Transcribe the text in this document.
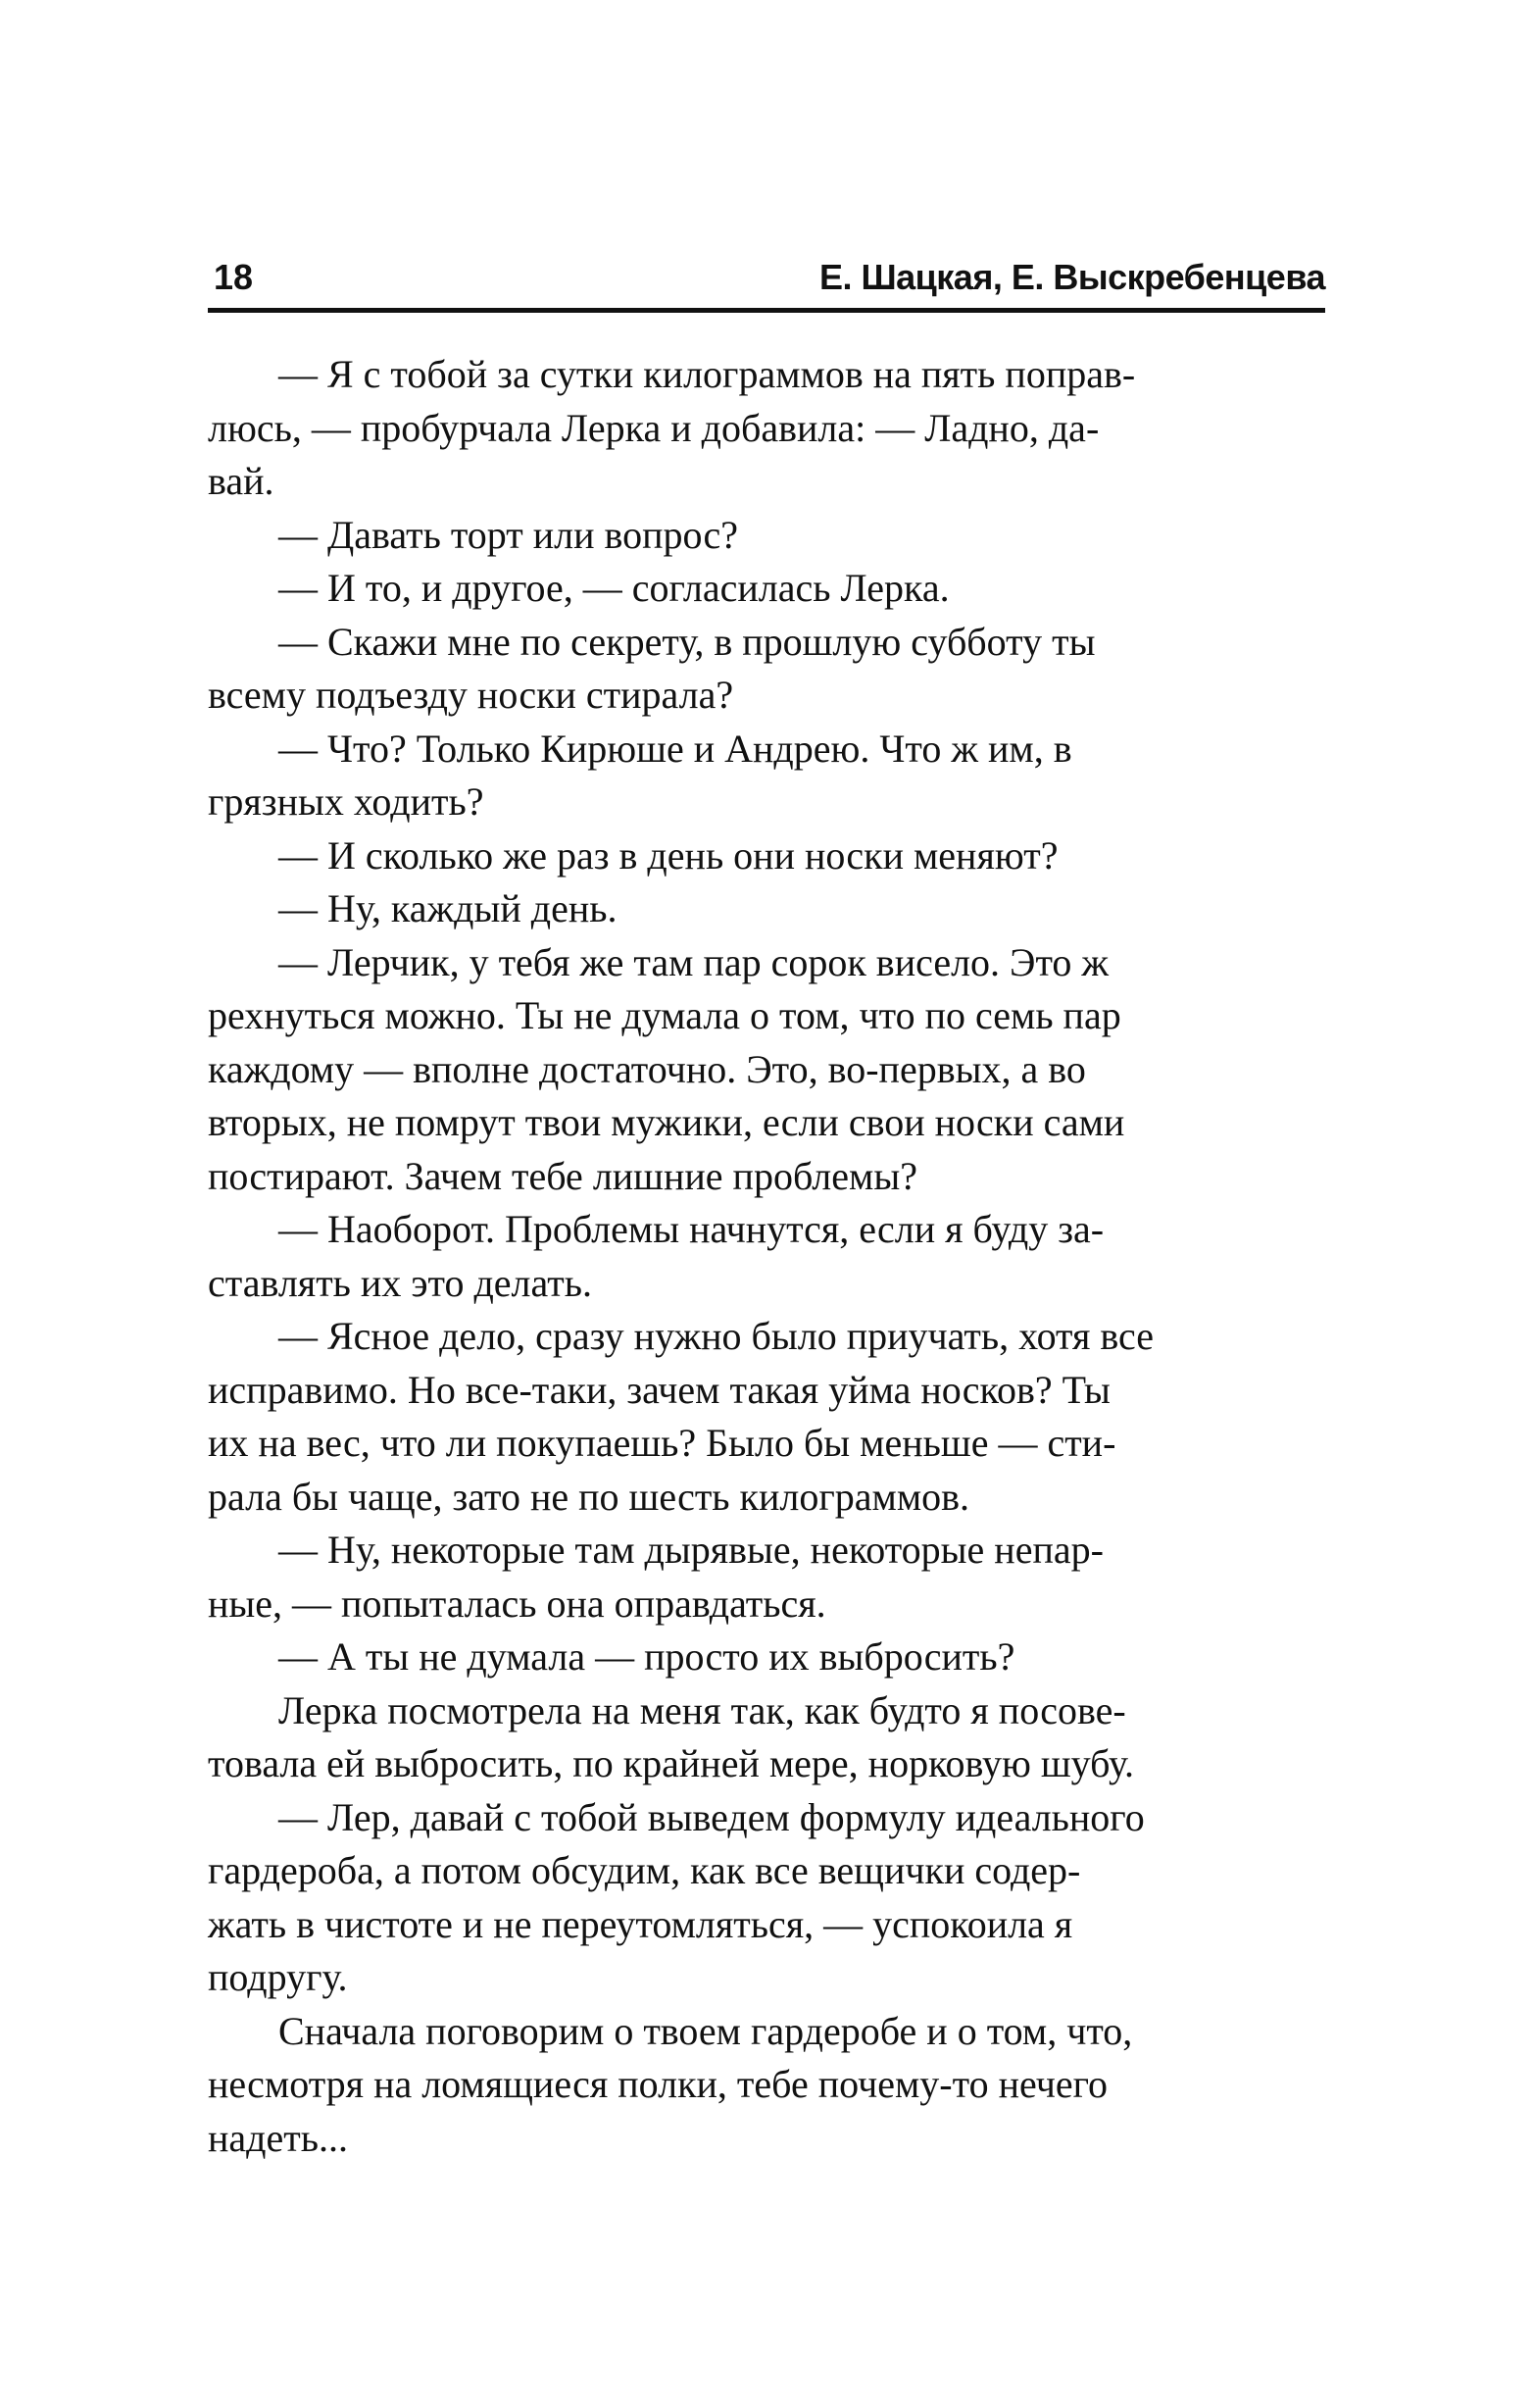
18	Е. Шацкая, Е. Выскребенцева

— Я с тобой за сутки килограммов на пять поправ-
люсь, — пробурчала Лерка и добавила: — Ладно, да-
вай.

— Давать торт или вопрос?

— И то, и другое, — согласилась Лерка.

— Скажи мне по секрету, в прошлую субботу ты
всему подъезду носки стирала?

— Что? Только Кирюше и Андрею. Что ж им, в
грязных ходить?

— И сколько же раз в день они носки меняют?

— Ну, каждый день.

— Лерчик, у тебя же там пар сорок висело. Это ж
рехнуться можно. Ты не думала о том, что по семь пар
каждому — вполне достаточно. Это, во-первых, а во
вторых, не помрут твои мужики, если свои носки сами
постирают. Зачем тебе лишние проблемы?

— Наоборот. Проблемы начнутся, если я буду за-
ставлять их это делать.

— Ясное дело, сразу нужно было приучать, хотя все
исправимо. Но все-таки, зачем такая уйма носков? Ты
их на вес, что ли покупаешь? Было бы меньше — сти-
рала бы чаще, зато не по шесть килограммов.

— Ну, некоторые там дырявые, некоторые непар-
ные, — попыталась она оправдаться.

— А ты не думала — просто их выбросить?

Лерка посмотрела на меня так, как будто я посове-
товала ей выбросить, по крайней мере, норковую шубу.

— Лер, давай с тобой выведем формулу идеального
гардероба, а потом обсудим, как все вещички содер-
жать в чистоте и не переутомляться, — успокоила я
подругу.

Сначала поговорим о твоем гардеробе и о том, что,
несмотря на ломящиеся полки, тебе почему-то нечего
надеть...
